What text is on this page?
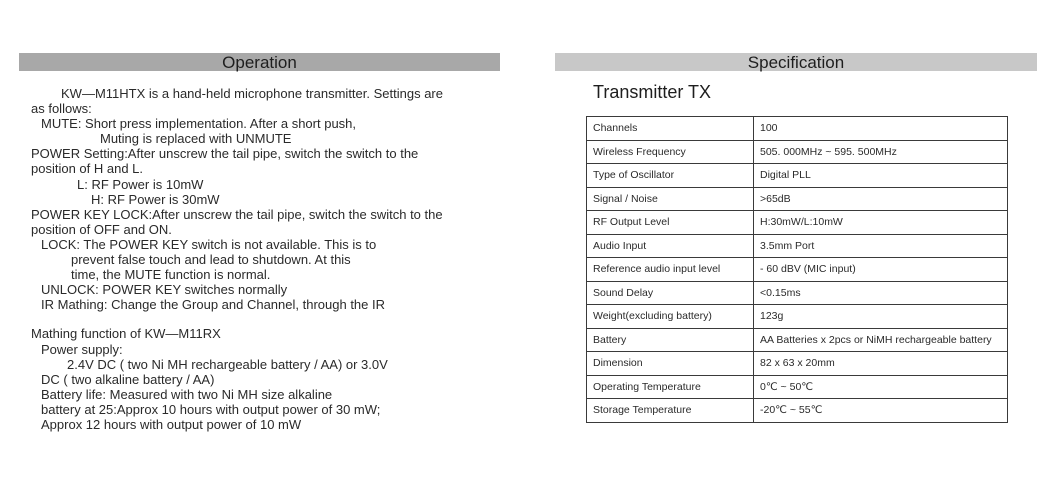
Operation	Specification
KW—M11HTX is a hand-held microphone transmitter. Settings are
as follows:
MUTE: Short press implementation. After a short push,
Muting is replaced with UNMUTE
POWER Setting:After unscrew the tail pipe, switch the switch to the
position of H and L.
L: RF Power is 10mW
H: RF Power is 30mW
POWER KEY LOCK:After unscrew the tail pipe, switch the switch to the
position of OFF and ON.
LOCK: The POWER KEY switch is not available. This is to
prevent false touch and lead to shutdown. At this
time, the MUTE function is normal.
UNLOCK: POWER KEY switches normally
IR Mathing: Change the Group and Channel, through the IR
Mathing function of KW—M11RX
Power supply:
2.4V DC ( two Ni MH rechargeable battery / AA) or 3.0V
DC ( two alkaline battery / AA)
Battery life: Measured with two Ni MH size alkaline
battery at 25:Approx 10 hours with output power of 30 mW;
Approx 12 hours with output power of 10 mW
Transmitter TX
Channels	100
Wireless Frequency	505. 000MHz ~ 595. 500MHz
Type of Oscillator	Digital PLL
Signal / Noise	>65dB
RF Output Level	H:30mW/L:10mW
Audio Input	3.5mm Port
Reference audio input level	- 60 dBV (MIC input)
Sound Delay	<0.15ms
Weight(excluding battery)	123g
Battery	AA Batteries x 2pcs or NiMH rechargeable battery
Dimension	82 x 63 x 20mm
Operating Temperature	0℃ ~ 50℃
Storage Temperature	-20℃ ~ 55℃
